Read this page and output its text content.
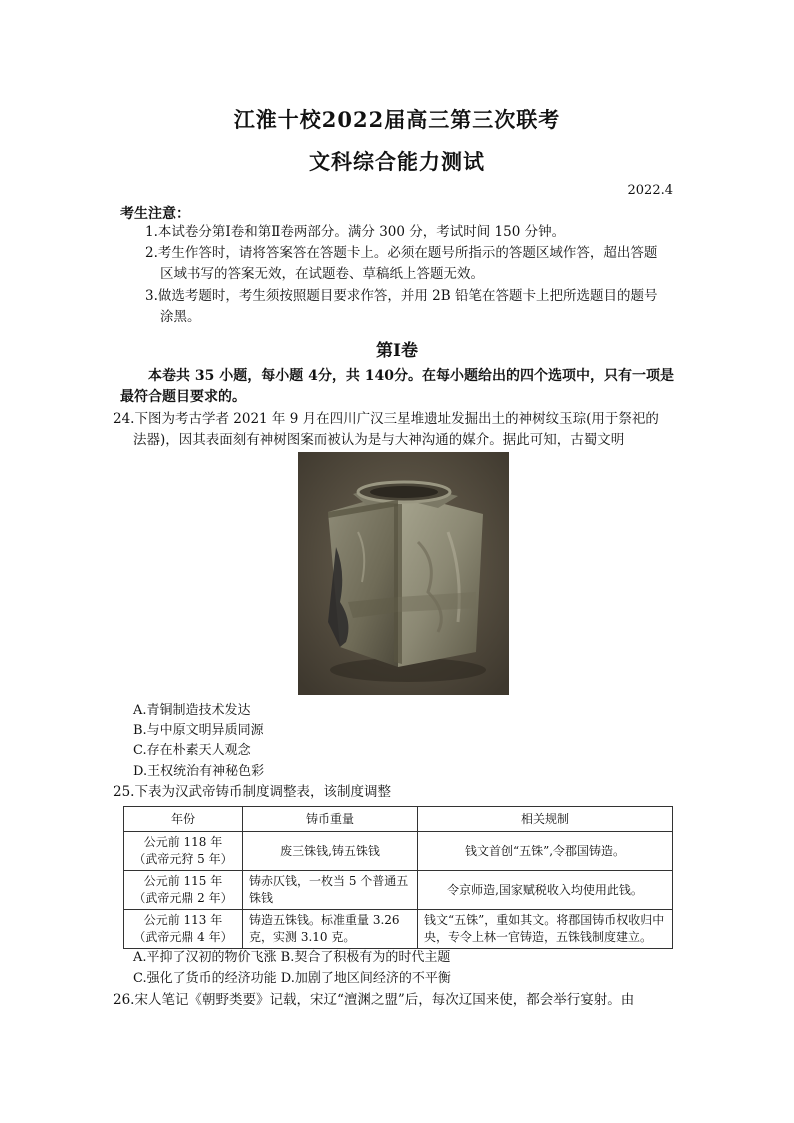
江淮十校2022届高三第三次联考
文科综合能力测试
2022.4
考生注意：
1.本试卷分第Ⅰ卷和第Ⅱ卷两部分。满分 300 分，考试时间 150 分钟。
2.考生作答时，请将答案答在答题卡上。必须在题号所指示的答题区域作答，超出答题
区域书写的答案无效，在试题卷、草稿纸上答题无效。
3.做选考题时，考生须按照题目要求作答，并用 2B 铅笔在答题卡上把所选题目的题号
涂黑。
第Ⅰ卷
本卷共 35 小题，每小题 4分，共 140分。在每小题给出的四个选项中，只有一项是最符合题目要求的。
24.下图为考古学者 2021 年 9 月在四川广汉三星堆遗址发掘出土的神树纹玉琮(用于祭祀的
法器)，因其表面刻有神树图案而被认为是与大神沟通的媒介。据此可知，古蜀文明
A.青铜制造技术发达
B.与中原文明异质同源
C.存在朴素天人观念
D.王权统治有神秘色彩
25.下表为汉武帝铸币制度调整表，该制度调整
年份	铸币重量	相关规制

公元前 118 年
（武帝元狩 5 年）	废三铢钱,铸五铢钱	钱文首创“五铢”,令郡国铸造。

公元前 115 年
（武帝元鼎 2 年）	铸赤仄钱，一枚当 5 个普通五铢钱	令京师造,国家赋税收入均使用此钱。

公元前 113 年
（武帝元鼎 4 年）	铸造五铢钱。标准重量 3.26 克，实测 3.10 克。	钱文“五铢”，重如其文。将郡国铸币权收归中央，专令上林一官铸造，五铢钱制度建立。
A.平抑了汉初的物价飞涨 B.契合了积极有为的时代主题
C.强化了货币的经济功能 D.加剧了地区间经济的不平衡
26.宋人笔记《朝野类要》记载，宋辽“澶渊之盟”后，每次辽国来使，都会举行宴射。由
